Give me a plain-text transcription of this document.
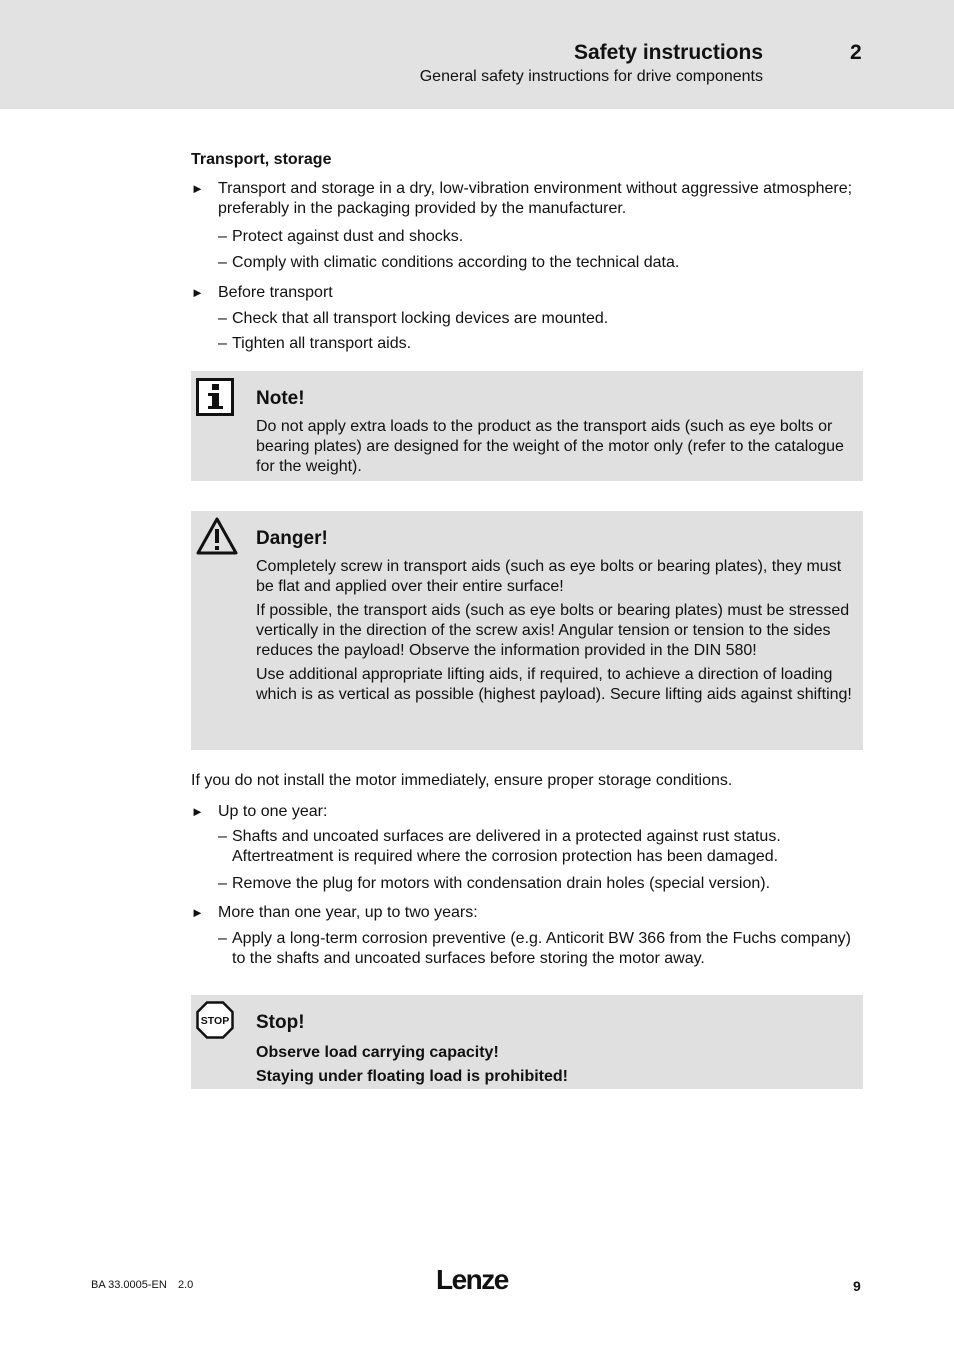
Safety instructions	2
General safety instructions for drive components
Transport, storage
► Transport and storage in a dry, low-vibration environment without aggressive atmosphere; preferably in the packaging provided by the manufacturer.
– Protect against dust and shocks.
– Comply with climatic conditions according to the technical data.
► Before transport
– Check that all transport locking devices are mounted.
– Tighten all transport aids.
Note!

Do not apply extra loads to the product as the transport aids (such as eye bolts or bearing plates) are designed for the weight of the motor only (refer to the catalogue for the weight).

Danger!

Completely screw in transport aids (such as eye bolts or bearing plates), they must be flat and applied over their entire surface!

If possible, the transport aids (such as eye bolts or bearing plates) must be stressed vertically in the direction of the screw axis! Angular tension or tension to the sides reduces the payload! Observe the information provided in the DIN 580!

Use additional appropriate lifting aids, if required, to achieve a direction of loading which is as vertical as possible (highest payload). Secure lifting aids against shifting!

If you do not install the motor immediately, ensure proper storage conditions.
► Up to one year:
– Shafts and uncoated surfaces are delivered in a protected against rust status. Aftertreatment is required where the corrosion protection has been damaged.
– Remove the plug for motors with condensation drain holes (special version).
► More than one year, up to two years:
– Apply a long-term corrosion preventive (e.g. Anticorit BW 366 from the Fuchs company) to the shafts and uncoated surfaces before storing the motor away.
STOP Stop!
Observe load carrying capacity!
Staying under floating load is prohibited!
BA 33.0005-EN 2.0	Lenze	9
